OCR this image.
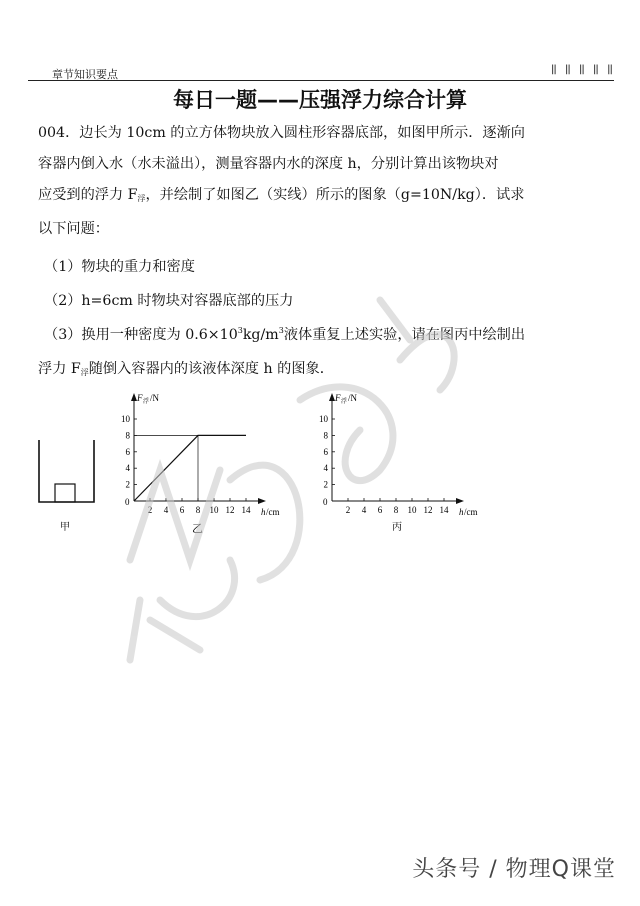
章节知识要点	‖ ‖ ‖ ‖ ‖
每日一题——压强浮力综合计算

004．边长为 10cm 的立方体物块放入圆柱形容器底部，如图甲所示．逐渐向

容器内倒入水（水未溢出），测量容器内水的深度 h，分别计算出该物块对

应受到的浮力 $F_浮$，并绘制了如图乙（实线）所示的图象（g=10N/kg）．试求

以下问题：

（1）物块的重力和密度
（2）h=6cm 时物块对容器底部的压力
（3）换用一种密度为 $0.6\times 10^3kg/m^3$液体重复上述实验，请在图丙中绘制出
浮力 $F_浮$随倒入容器内的该液体深度 h 的图象．
甲
F 浮 /N
h /cm
0
2 4 6 8 10 12 14
2
4
6
8
10
乙
F 浮 /N
h /cm
0
2 4 6 8 10 12 14
2
4
6
8
10
丙
物 理 Q 课 堂
头条号 / 物理Q课堂
